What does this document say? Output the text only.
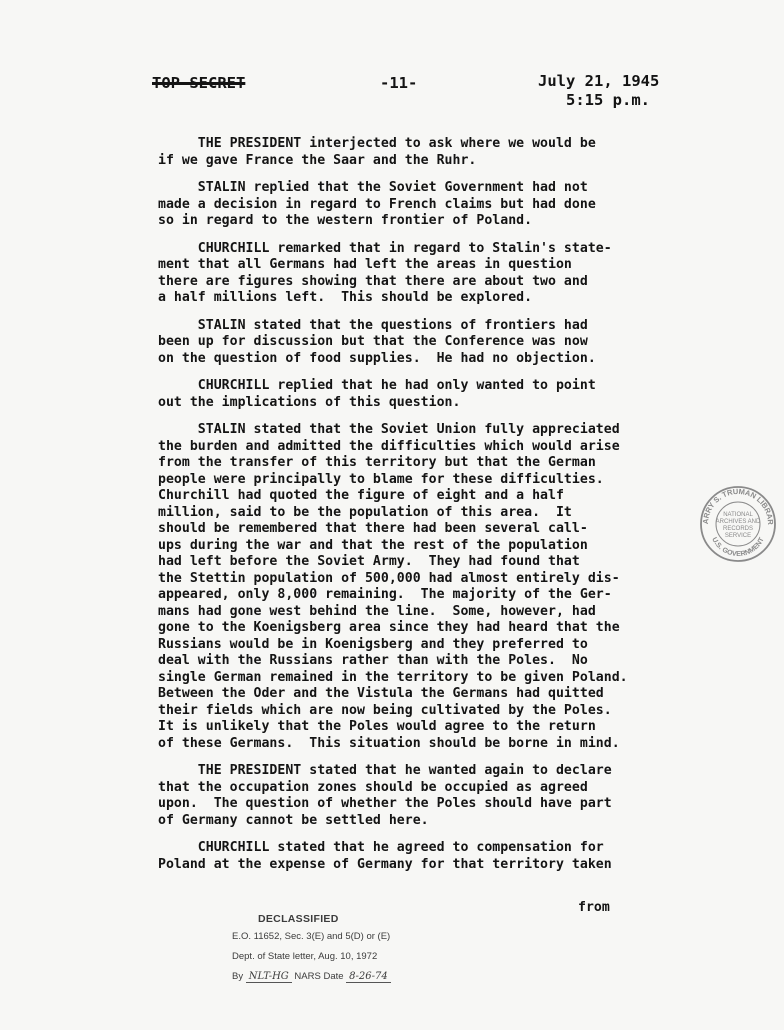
TOP SECRET	-11-	July 21, 1945
5:15 p.m.
THE PRESIDENT interjected to ask where we would be
if we gave France the Saar and the Ruhr.
STALIN replied that the Soviet Government had not
made a decision in regard to French claims but had done
so in regard to the western frontier of Poland.
CHURCHILL remarked that in regard to Stalin's state-
ment that all Germans had left the areas in question
there are figures showing that there are about two and
a half millions left.  This should be explored.
STALIN stated that the questions of frontiers had
been up for discussion but that the Conference was now
on the question of food supplies.  He had no objection.
CHURCHILL replied that he had only wanted to point
out the implications of this question.
STALIN stated that the Soviet Union fully appreciated
the burden and admitted the difficulties which would arise
from the transfer of this territory but that the German
people were principally to blame for these difficulties.
Churchill had quoted the figure of eight and a half
million, said to be the population of this area.  It
should be remembered that there had been several call-
ups during the war and that the rest of the population
had left before the Soviet Army.  They had found that
the Stettin population of 500,000 had almost entirely dis-
appeared, only 8,000 remaining.  The majority of the Ger-
mans had gone west behind the line.  Some, however, had
gone to the Koenigsberg area since they had heard that the
Russians would be in Koenigsberg and they preferred to
deal with the Russians rather than with the Poles.  No
single German remained in the territory to be given Poland.
Between the Oder and the Vistula the Germans had quitted
their fields which are now being cultivated by the Poles.
It is unlikely that the Poles would agree to the return
of these Germans.  This situation should be borne in mind.
THE PRESIDENT stated that he wanted again to declare
that the occupation zones should be occupied as agreed
upon.  The question of whether the Poles should have part
of Germany cannot be settled here.
CHURCHILL stated that he agreed to compensation for
Poland at the expense of Germany for that territory taken
from
ARRY S. TRUMAN LIBRAR
U.S. GOVERNMENT
NATIONAL
ARCHIVES AND
RECORDS
SERVICE
DECLASSIFIED
E.O. 11652, Sec. 3(E) and 5(D) or (E)
Dept. of State letter, Aug. 10, 1972
By NLT-HG NARS Date 8-26-74
